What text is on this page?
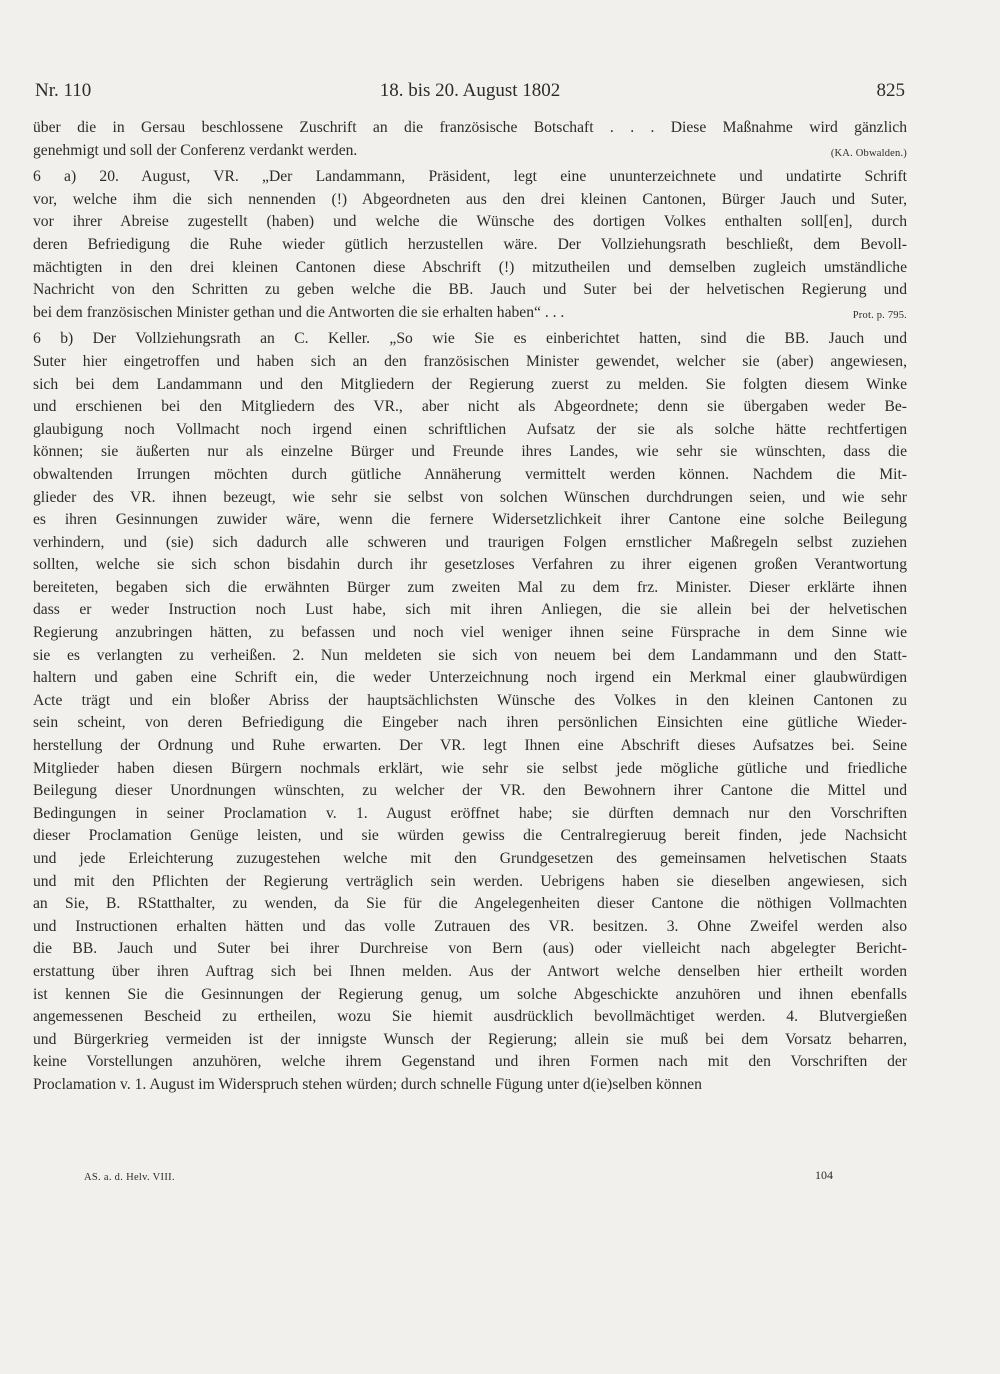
Nr. 110	18. bis 20. August 1802	825
über die in Gersau beschlossene Zuschrift an die französische Botschaft . . . Diese Maßnahme wird gänzlich
genehmigt und soll der Conferenz verdankt werden.	(KA. Obwalden.)
6 a) 20. August, VR. „Der Landammann, Präsident, legt eine ununterzeichnete und undatirte Schrift
vor, welche ihm die sich nennenden (!) Abgeordneten aus den drei kleinen Cantonen, Bürger Jauch und Suter,
vor ihrer Abreise zugestellt (haben) und welche die Wünsche des dortigen Volkes enthalten soll[en], durch
deren Befriedigung die Ruhe wieder gütlich herzustellen wäre. Der Vollziehungsrath beschließt, dem Bevoll-
mächtigten in den drei kleinen Cantonen diese Abschrift (!) mitzutheilen und demselben zugleich umständliche
Nachricht von den Schritten zu geben welche die BB. Jauch und Suter bei der helvetischen Regierung und
bei dem französischen Minister gethan und die Antworten die sie erhalten haben“ . . .	Prot. p. 795.
6 b) Der Vollziehungsrath an C. Keller. „So wie Sie es einberichtet hatten, sind die BB. Jauch und
Suter hier eingetroffen und haben sich an den französischen Minister gewendet, welcher sie (aber) angewiesen,
sich bei dem Landammann und den Mitgliedern der Regierung zuerst zu melden. Sie folgten diesem Winke
und erschienen bei den Mitgliedern des VR., aber nicht als Abgeordnete; denn sie übergaben weder Be-
glaubigung noch Vollmacht noch irgend einen schriftlichen Aufsatz der sie als solche hätte rechtfertigen
können; sie äußerten nur als einzelne Bürger und Freunde ihres Landes, wie sehr sie wünschten, dass die
obwaltenden Irrungen möchten durch gütliche Annäherung vermittelt werden können. Nachdem die Mit-
glieder des VR. ihnen bezeugt, wie sehr sie selbst von solchen Wünschen durchdrungen seien, und wie sehr
es ihren Gesinnungen zuwider wäre, wenn die fernere Widersetzlichkeit ihrer Cantone eine solche Beilegung
verhindern, und (sie) sich dadurch alle schweren und traurigen Folgen ernstlicher Maßregeln selbst zuziehen
sollten, welche sie sich schon bisdahin durch ihr gesetzloses Verfahren zu ihrer eigenen großen Verantwortung
bereiteten, begaben sich die erwähnten Bürger zum zweiten Mal zu dem frz. Minister. Dieser erklärte ihnen
dass er weder Instruction noch Lust habe, sich mit ihren Anliegen, die sie allein bei der helvetischen
Regierung anzubringen hätten, zu befassen und noch viel weniger ihnen seine Fürsprache in dem Sinne wie
sie es verlangten zu verheißen. 2. Nun meldeten sie sich von neuem bei dem Landammann und den Statt-
haltern und gaben eine Schrift ein, die weder Unterzeichnung noch irgend ein Merkmal einer glaubwürdigen
Acte trägt und ein bloßer Abriss der hauptsächlichsten Wünsche des Volkes in den kleinen Cantonen zu
sein scheint, von deren Befriedigung die Eingeber nach ihren persönlichen Einsichten eine gütliche Wieder-
herstellung der Ordnung und Ruhe erwarten. Der VR. legt Ihnen eine Abschrift dieses Aufsatzes bei. Seine
Mitglieder haben diesen Bürgern nochmals erklärt, wie sehr sie selbst jede mögliche gütliche und friedliche
Beilegung dieser Unordnungen wünschten, zu welcher der VR. den Bewohnern ihrer Cantone die Mittel und
Bedingungen in seiner Proclamation v. 1. August eröffnet habe; sie dürften demnach nur den Vorschriften
dieser Proclamation Genüge leisten, und sie würden gewiss die Centralregieruug bereit finden, jede Nachsicht
und jede Erleichterung zuzugestehen welche mit den Grundgesetzen des gemeinsamen helvetischen Staats
und mit den Pflichten der Regierung verträglich sein werden. Uebrigens haben sie dieselben angewiesen, sich
an Sie, B. RStatthalter, zu wenden, da Sie für die Angelegenheiten dieser Cantone die nöthigen Vollmachten
und Instructionen erhalten hätten und das volle Zutrauen des VR. besitzen. 3. Ohne Zweifel werden also
die BB. Jauch und Suter bei ihrer Durchreise von Bern (aus) oder vielleicht nach abgelegter Bericht-
erstattung über ihren Auftrag sich bei Ihnen melden. Aus der Antwort welche denselben hier ertheilt worden
ist kennen Sie die Gesinnungen der Regierung genug, um solche Abgeschickte anzuhören und ihnen ebenfalls
angemessenen Bescheid zu ertheilen, wozu Sie hiemit ausdrücklich bevollmächtiget werden. 4. Blutvergießen
und Bürgerkrieg vermeiden ist der innigste Wunsch der Regierung; allein sie muß bei dem Vorsatz beharren,
keine Vorstellungen anzuhören, welche ihrem Gegenstand und ihren Formen nach mit den Vorschriften der
Proclamation v. 1. August im Widerspruch stehen würden; durch schnelle Fügung unter d(ie)selben können
AS. a. d. Helv. VIII.	104
